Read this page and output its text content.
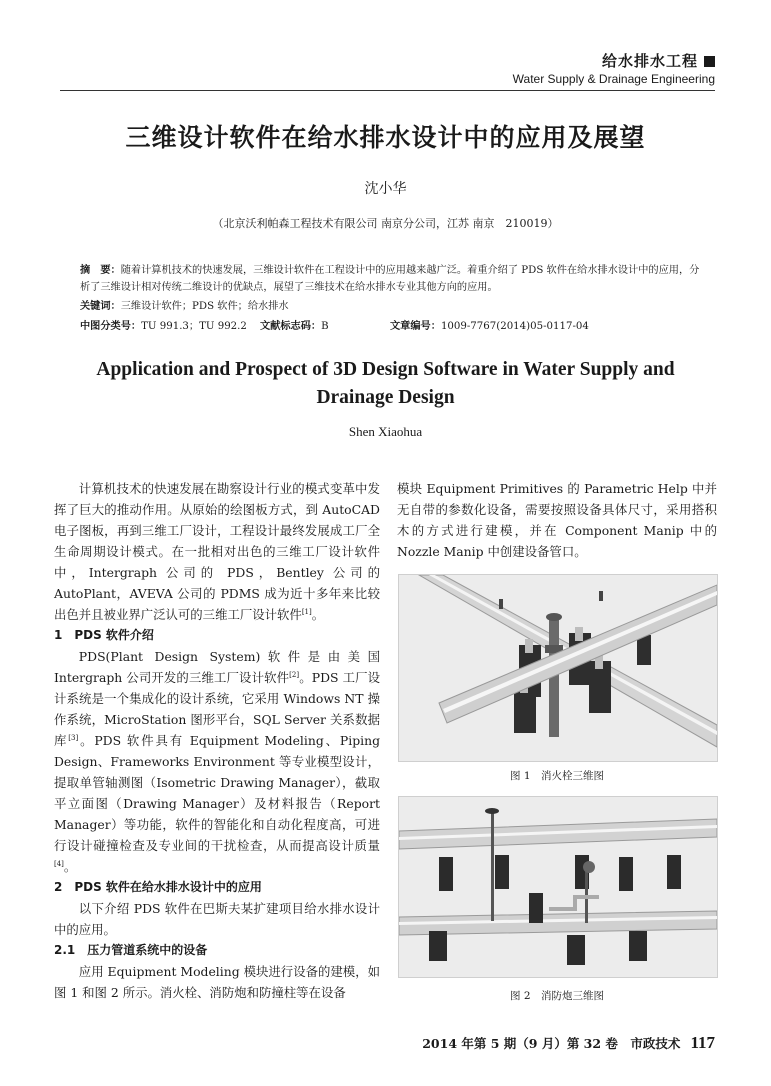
给水排水工程
Water Supply & Drainage Engineering
三维设计软件在给水排水设计中的应用及展望
沈小华
（北京沃利帕森工程技术有限公司 南京分公司，江苏 南京　210019）
摘　要：随着计算机技术的快速发展，三维设计软件在工程设计中的应用越来越广泛。着重介绍了 PDS 软件在给水排水设计中的应用，分析了三维设计相对传统二维设计的优缺点，展望了三维技术在给水排水专业其他方向的应用。
关键词：三维设计软件；PDS 软件；给水排水
中图分类号：TU 991.3；TU 992.2 文献标志码：B	文章编号：1009-7767(2014)05-0117-04
Application and Prospect of 3D Design Software in Water Supply and Drainage Design
Shen Xiaohua

计算机技术的快速发展在勘察设计行业的模式变革中发挥了巨大的推动作用。从原始的绘图板方式，到 AutoCAD 电子图板，再到三维工厂设计，工程设计最终发展成工厂全生命周期设计模式。在一批相对出色的三维工厂设计软件中，Intergraph 公司的 PDS，Bentley 公司的 AutoPlant，AVEVA 公司的 PDMS 成为近十多年来比较出色并且被业界广泛认可的三维工厂设计软件[1]。

1　PDS 软件介绍

PDS(Plant Design System)软件是由美国 Intergraph 公司开发的三维工厂设计软件[2]。PDS 工厂设计系统是一个集成化的设计系统，它采用 Windows NT 操作系统，MicroStation 图形平台，SQL Server 关系数据库[3]。PDS 软件具有 Equipment Modeling、Piping Design、Frameworks Environment 等专业模型设计，提取单管轴测图（Isometric Drawing Manager），截取平立面图（Drawing Manager）及材料报告（Report Manager）等功能，软件的智能化和自动化程度高，可进行设计碰撞检查及专业间的干扰检查，从而提高设计质量[4]。

2　PDS 软件在给水排水设计中的应用

以下介绍 PDS 软件在巴斯夫某扩建项目给水排水设计中的应用。

2.1　压力管道系统中的设备

应用 Equipment Modeling 模块进行设备的建模，如图 1 和图 2 所示。消火栓、消防炮和防撞柱等在设备

模块 Equipment Primitives 的 Parametric Help 中并无自带的参数化设备，需要按照设备具体尺寸，采用搭积木的方式进行建模，并在 Component Manip 中的 Nozzle Manip 中创建设备管口。

图 1　消火栓三维图
图 2　消防炮三维图
2014 年第 5 期（9 月）第 32 卷　市政技术 117
